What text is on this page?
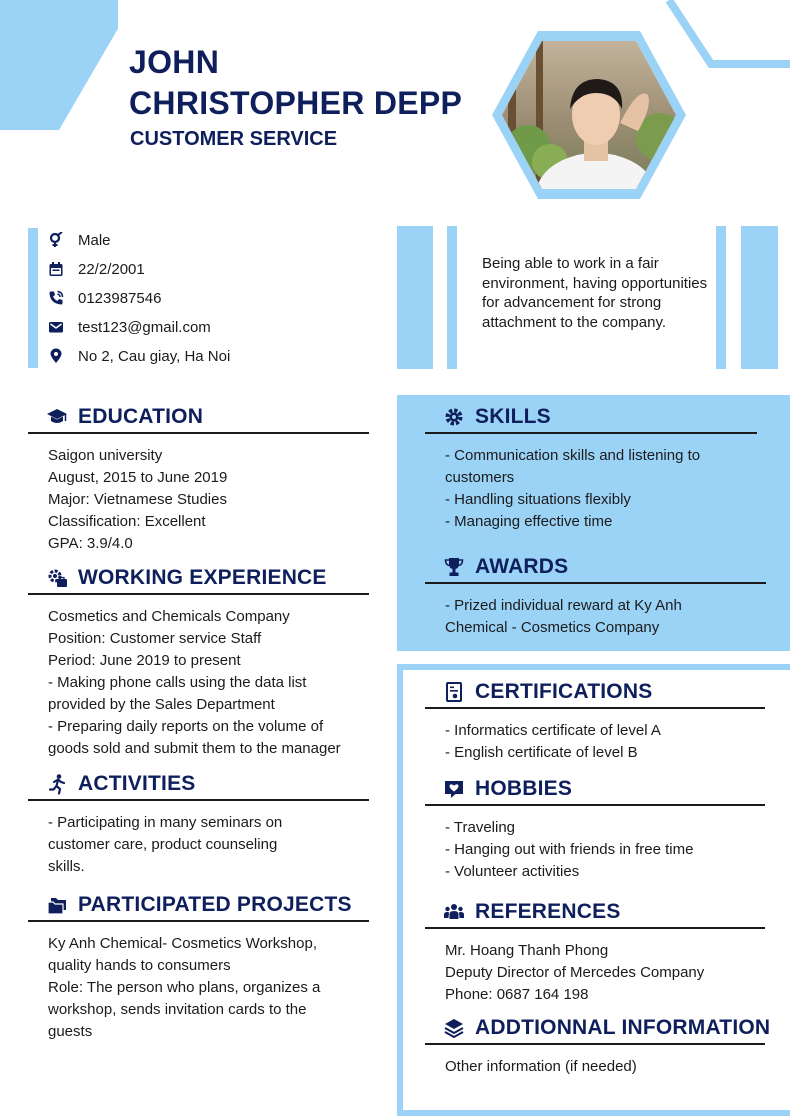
JOHN
CHRISTOPHER DEPP
CUSTOMER SERVICE
Male
22/2/2001
0123987546
test123@gmail.com
No 2, Cau giay, Ha Noi
Being able to work in a fair environment, having opportunities for advancement for strong attachment to the company.
EDUCATION
Saigon university
August, 2015 to June 2019
Major: Vietnamese Studies
Classification: Excellent
GPA: 3.9/4.0
WORKING EXPERIENCE
Cosmetics and Chemicals Company
Position: Customer service Staff
Period: June 2019 to present
- Making phone calls using the data list
provided by the Sales Department
- Preparing daily reports on the volume of
goods sold and submit them to the manager
ACTIVITIES
- Participating in many seminars on
customer care, product counseling
skills.
PARTICIPATED PROJECTS
Ky Anh Chemical- Cosmetics Workshop,
quality hands to consumers
Role: The person who plans, organizes a
workshop, sends invitation cards to the
guests
SKILLS
- Communication skills and listening to
customers
- Handling situations flexibly
- Managing effective time
AWARDS
- Prized individual reward at Ky Anh
Chemical - Cosmetics Company
CERTIFICATIONS
- Informatics certificate of level A
- English certificate of level B
HOBBIES
- Traveling
- Hanging out with friends in free time
- Volunteer activities
REFERENCES
Mr. Hoang Thanh Phong
Deputy Director of Mercedes Company
Phone: 0687 164 198
ADDTIONNAL INFORMATION
Other information (if needed)
